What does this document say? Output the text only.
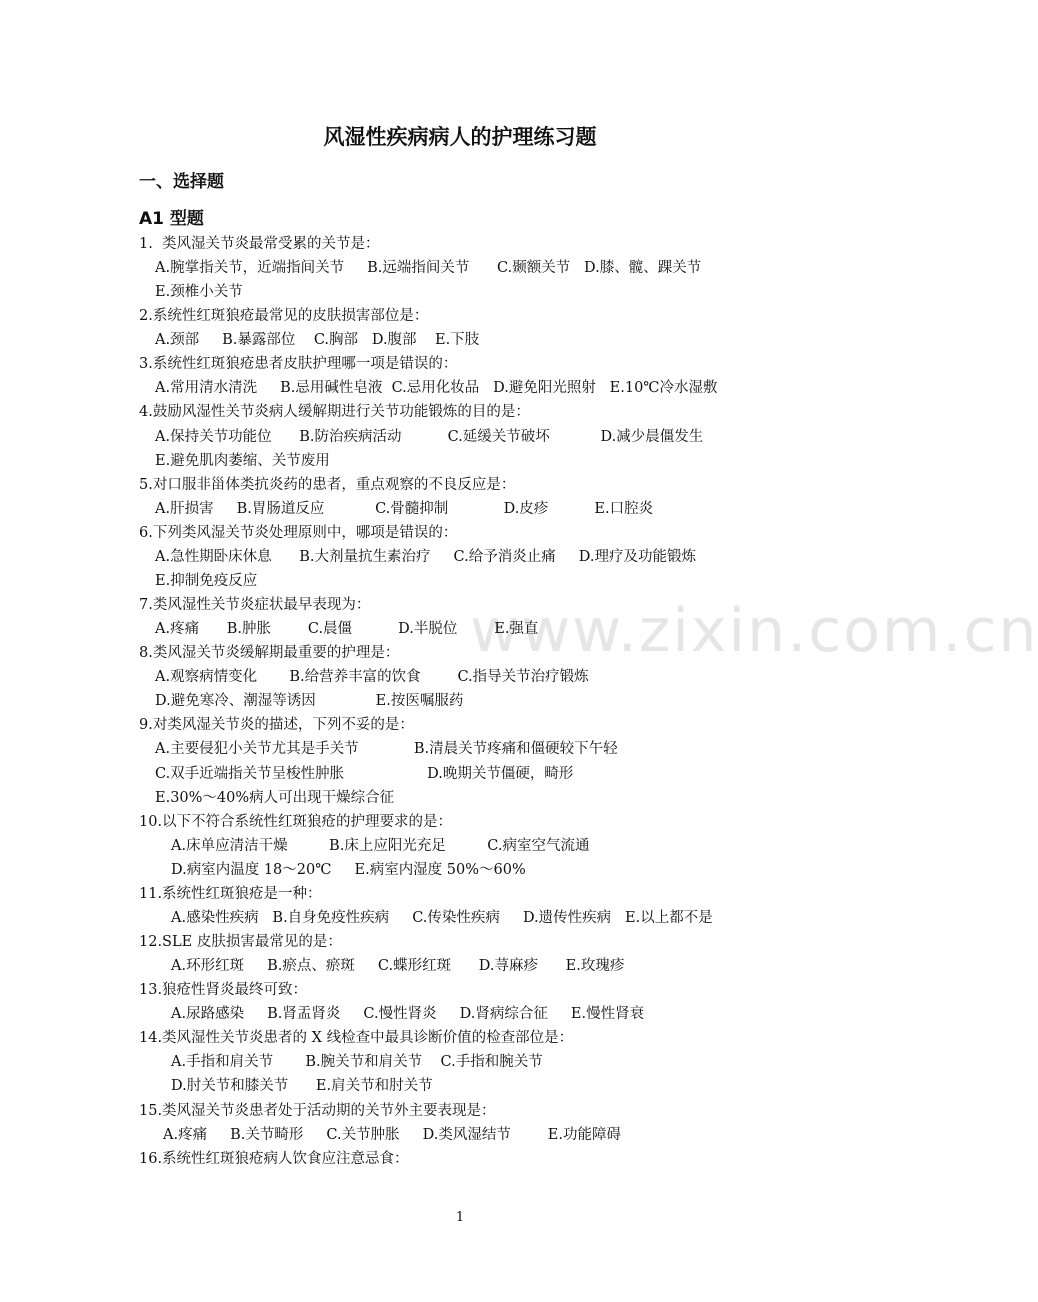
www.zixin.com.cn
风湿性疾病病人的护理练习题
一、选择题
A1 型题
1.  类风湿关节炎最常受累的关节是：
A.腕掌指关节，近端指间关节     B.远端指间关节      C.颞额关节   D.膝、髋、踝关节
E.颈椎小关节
2.系统性红斑狼疮最常见的皮肤损害部位是：
A.颈部     B.暴露部位    C.胸部   D.腹部    E.下肢
3.系统性红斑狼疮患者皮肤护理哪一项是错误的：
A.常用清水清洗     B.忌用碱性皂液  C.忌用化妆品   D.避免阳光照射   E.10℃冷水湿敷
4.鼓励风湿性关节炎病人缓解期进行关节功能锻炼的目的是：
A.保持关节功能位      B.防治疾病活动          C.延缓关节破坏           D.减少晨僵发生
E.避免肌肉萎缩、关节废用
5.对口服非甾体类抗炎药的患者，重点观察的不良反应是：
A.肝损害     B.胃肠道反应           C.骨髓抑制            D.皮疹          E.口腔炎
6.下列类风湿关节炎处理原则中，哪项是错误的：
A.急性期卧床休息      B.大剂量抗生素治疗     C.给予消炎止痛     D.理疗及功能锻炼
E.抑制免疫反应
7.类风湿性关节炎症状最早表现为：
A.疼痛      B.肿胀        C.晨僵          D.半脱位        E.强直
8.类风湿关节炎缓解期最重要的护理是：
A.观察病情变化       B.给营养丰富的饮食        C.指导关节治疗锻炼
D.避免寒冷、潮湿等诱因             E.按医嘱服药
9.对类风湿关节炎的描述，下列不妥的是：
A.主要侵犯小关节尤其是手关节            B.清晨关节疼痛和僵硬较下午轻
C.双手近端指关节呈梭性肿胀                  D.晚期关节僵硬，畸形
E.30%～40%病人可出现干燥综合征
10.以下不符合系统性红斑狼疮的护理要求的是：
A.床单应清洁干燥         B.床上应阳光充足         C.病室空气流通
D.病室内温度 18～20℃     E.病室内湿度 50%～60%
11.系统性红斑狼疮是一种：
A.感染性疾病   B.自身免疫性疾病     C.传染性疾病     D.遗传性疾病   E.以上都不是
12.SLE 皮肤损害最常见的是：
A.环形红斑     B.瘀点、瘀斑     C.蝶形红斑      D.荨麻疹      E.玫瑰疹
13.狼疮性肾炎最终可致：
A.尿路感染     B.肾盂肾炎     C.慢性肾炎     D.肾病综合征     E.慢性肾衰
14.类风湿性关节炎患者的 X 线检查中最具诊断价值的检查部位是：
A.手指和肩关节       B.腕关节和肩关节    C.手指和腕关节
D.肘关节和膝关节      E.肩关节和肘关节
15.类风湿关节炎患者处于活动期的关节外主要表现是：
A.疼痛     B.关节畸形     C.关节肿胀     D.类风湿结节        E.功能障碍
16.系统性红斑狼疮病人饮食应注意忌食：
1
